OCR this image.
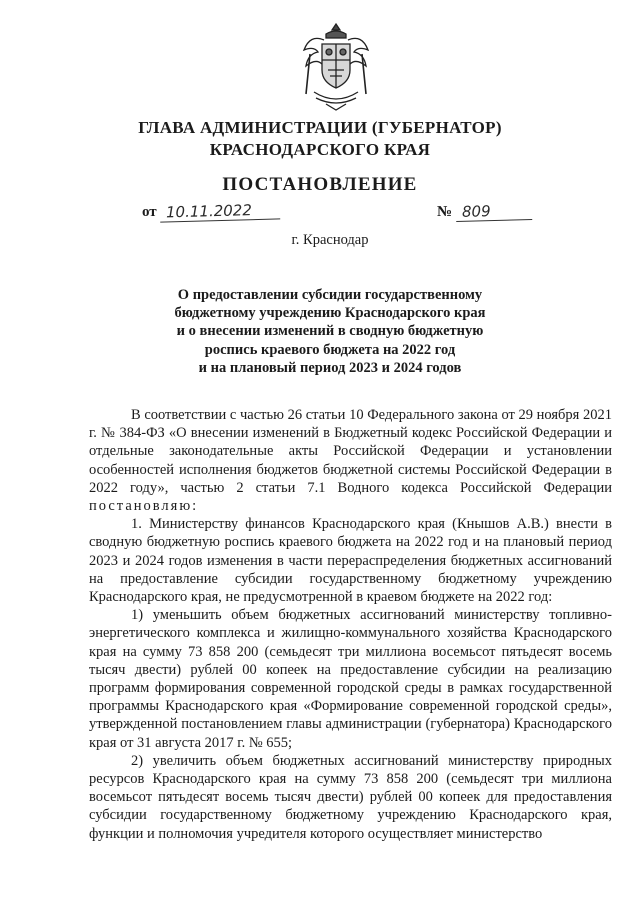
ГЛАВА АДМИНИСТРАЦИИ (ГУБЕРНАТОР)
КРАСНОДАРСКОГО КРАЯ
ПОСТАНОВЛЕНИЕ
от 10.11.2022	№ 809
г. Краснодар
О предоставлении субсидии государственному
бюджетному учреждению Краснодарского края
и о внесении изменений в сводную бюджетную
роспись краевого бюджета на 2022 год
и на плановый период 2023 и 2024 годов

В соответствии с частью 26 статьи 10 Федерального закона от 29 ноября 2021 г. № 384-ФЗ «О внесении изменений в Бюджетный кодекс Российской Федерации и отдельные законодательные акты Российской Федерации и установлении особенностей исполнения бюджетов бюджетной системы Российской Федерации в 2022 году», частью 2 статьи 7.1 Водного кодекса Российской Федерации постановляю:

1. Министерству финансов Краснодарского края (Кнышов А.В.) внести в сводную бюджетную роспись краевого бюджета на 2022 год и на плановый период 2023 и 2024 годов изменения в части перераспределения бюджетных ассигнований на предоставление субсидии государственному бюджетному учреждению Краснодарского края, не предусмотренной в краевом бюджете на 2022 год:

1) уменьшить объем бюджетных ассигнований министерству топливно-энергетического комплекса и жилищно-коммунального хозяйства Краснодарского края на сумму 73 858 200 (семьдесят три миллиона восемьсот пятьдесят восемь тысяч двести) рублей 00 копеек на предоставление субсидии на реализацию программ формирования современной городской среды в рамках государственной программы Краснодарского края «Формирование современной городской среды», утвержденной постановлением главы администрации (губернатора) Краснодарского края от 31 августа 2017 г. № 655;

2) увеличить объем бюджетных ассигнований министерству природных ресурсов Краснодарского края на сумму 73 858 200 (семьдесят три миллиона восемьсот пятьдесят восемь тысяч двести) рублей 00 копеек для предоставления субсидии государственному бюджетному учреждению Краснодарского края, функции и полномочия учредителя которого осуществляет министерство
